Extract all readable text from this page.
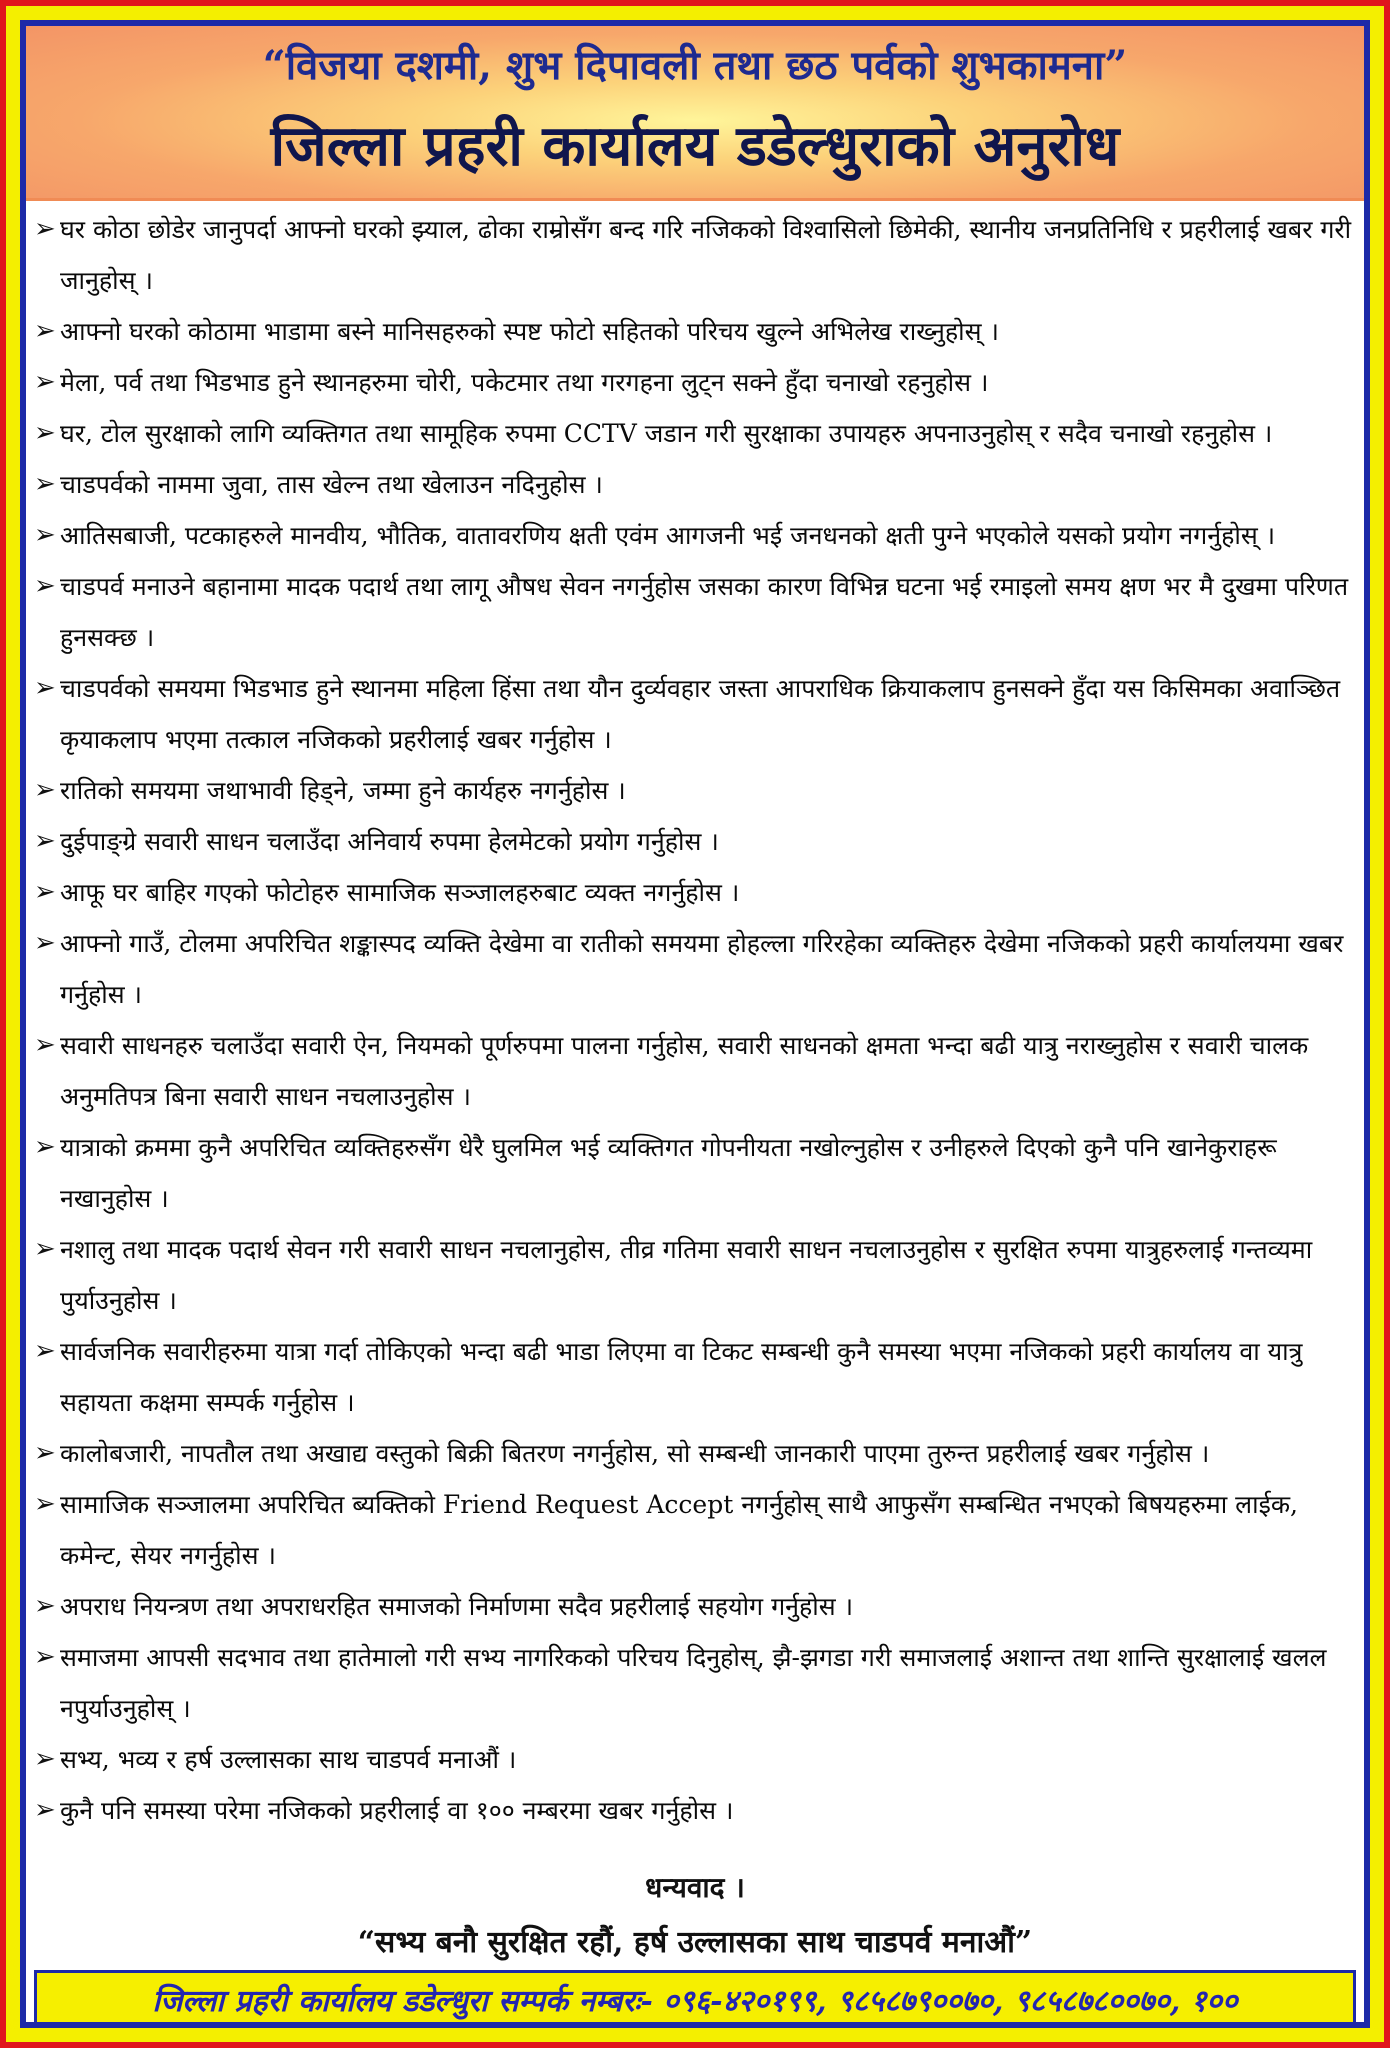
“विजया दशमी, शुभ दिपावली तथा छठ पर्वको शुभकामना”
जिल्ला प्रहरी कार्यालय डडेल्धुराको अनुरोध
➢ घर कोठा छोडेर जानुपर्दा आफ्नो घरको झ्याल, ढोका राम्रोसँग बन्द गरि नजिकको विश्वासिलो छिमेकी, स्थानीय जनप्रतिनिधि र प्रहरीलाई खबर गरी जानुहोस् ।
➢ आफ्नो घरको कोठामा भाडामा बस्ने मानिसहरुको स्पष्ट फोटो सहितको परिचय खुल्ने अभिलेख राख्नुहोस् ।
➢ मेला, पर्व तथा भिडभाड हुने स्थानहरुमा चोरी, पकेटमार तथा गरगहना लुट्न सक्ने हुँदा चनाखो रहनुहोस ।
➢ घर, टोल सुरक्षाको लागि व्यक्तिगत तथा सामूहिक रुपमा CCTV जडान गरी सुरक्षाका उपायहरु अपनाउनुहोस् र सदैव चनाखो रहनुहोस ।
➢ चाडपर्वको नाममा जुवा, तास खेल्न तथा खेलाउन नदिनुहोस ।
➢ आतिसबाजी, पटकाहरुले मानवीय, भौतिक, वातावरणिय क्षती एवंम आगजनी भई जनधनको क्षती पुग्ने भएकोले यसको प्रयोग नगर्नुहोस् ।
➢ चाडपर्व मनाउने बहानामा मादक पदार्थ तथा लागू औषध सेवन नगर्नुहोस जसका कारण विभिन्न घटना भई रमाइलो समय क्षण भर मै दुखमा परिणत हुनसक्छ ।
➢ चाडपर्वको समयमा भिडभाड हुने स्थानमा महिला हिंसा तथा यौन दुर्व्यवहार जस्ता आपराधिक क्रियाकलाप हुनसक्ने हुँदा यस किसिमका अवाञ्छित कृयाकलाप भएमा तत्काल नजिकको प्रहरीलाई खबर गर्नुहोस ।
➢ रातिको समयमा जथाभावी हिड्ने, जम्मा हुने कार्यहरु नगर्नुहोस ।
➢ दुईपाङ्ग्रे सवारी साधन चलाउँदा अनिवार्य रुपमा हेलमेटको प्रयोग गर्नुहोस ।
➢ आफू घर बाहिर गएको फोटोहरु सामाजिक सञ्जालहरुबाट व्यक्त नगर्नुहोस ।
➢ आफ्नो गाउँ, टोलमा अपरिचित शङ्कास्पद व्यक्ति देखेमा वा रातीको समयमा होहल्ला गरिरहेका व्यक्तिहरु देखेमा नजिकको प्रहरी कार्यालयमा खबर गर्नुहोस ।
➢ सवारी साधनहरु चलाउँदा सवारी ऐन, नियमको पूर्णरुपमा पालना गर्नुहोस, सवारी साधनको क्षमता भन्दा बढी यात्रु नराख्नुहोस र सवारी चालक अनुमतिपत्र बिना सवारी साधन नचलाउनुहोस ।
➢ यात्राको क्रममा कुनै अपरिचित व्यक्तिहरुसँग धेरै घुलमिल भई व्यक्तिगत गोपनीयता नखोल्नुहोस र उनीहरुले दिएको कुनै पनि खानेकुराहरू नखानुहोस ।
➢ नशालु तथा मादक पदार्थ सेवन गरी सवारी साधन नचलानुहोस, तीव्र गतिमा सवारी साधन नचलाउनुहोस र सुरक्षित रुपमा यात्रुहरुलाई गन्तव्यमा पुर्याउनुहोस ।
➢ सार्वजनिक सवारीहरुमा यात्रा गर्दा तोकिएको भन्दा बढी भाडा लिएमा वा टिकट सम्बन्धी कुनै समस्या भएमा नजिकको प्रहरी कार्यालय वा यात्रु सहायता कक्षमा सम्पर्क गर्नुहोस ।
➢ कालोबजारी, नापतौल तथा अखाद्य वस्तुको बिक्री बितरण नगर्नुहोस, सो सम्बन्धी जानकारी पाएमा तुरुन्त प्रहरीलाई खबर गर्नुहोस ।
➢ सामाजिक सञ्जालमा अपरिचित ब्यक्तिको Friend Request Accept नगर्नुहोस् साथै आफुसँग सम्बन्धित नभएको बिषयहरुमा लाईक, कमेन्ट, सेयर नगर्नुहोस ।
➢ अपराध नियन्त्रण तथा अपराधरहित समाजको निर्माणमा सदैव प्रहरीलाई सहयोग गर्नुहोस ।
➢ समाजमा आपसी सदभाव तथा हातेमालो गरी सभ्य नागरिकको परिचय दिनुहोस्, झै-झगडा गरी समाजलाई अशान्त तथा शान्ति सुरक्षालाई खलल नपुर्याउनुहोस् ।
➢ सभ्य, भव्य र हर्ष उल्लासका साथ चाडपर्व मनाऔं ।
➢ कुनै पनि समस्या परेमा नजिकको प्रहरीलाई वा १०० नम्बरमा खबर गर्नुहोस ।
धन्यवाद ।
“सभ्य बनौ सुरक्षित रहौं, हर्ष उल्लासका साथ चाडपर्व मनाऔं”
जिल्ला प्रहरी कार्यालय डडेल्धुरा सम्पर्क नम्बरः- ०९६-४२०१९९, ९८५८७९००७०, ९८५८७८००७०, १००
